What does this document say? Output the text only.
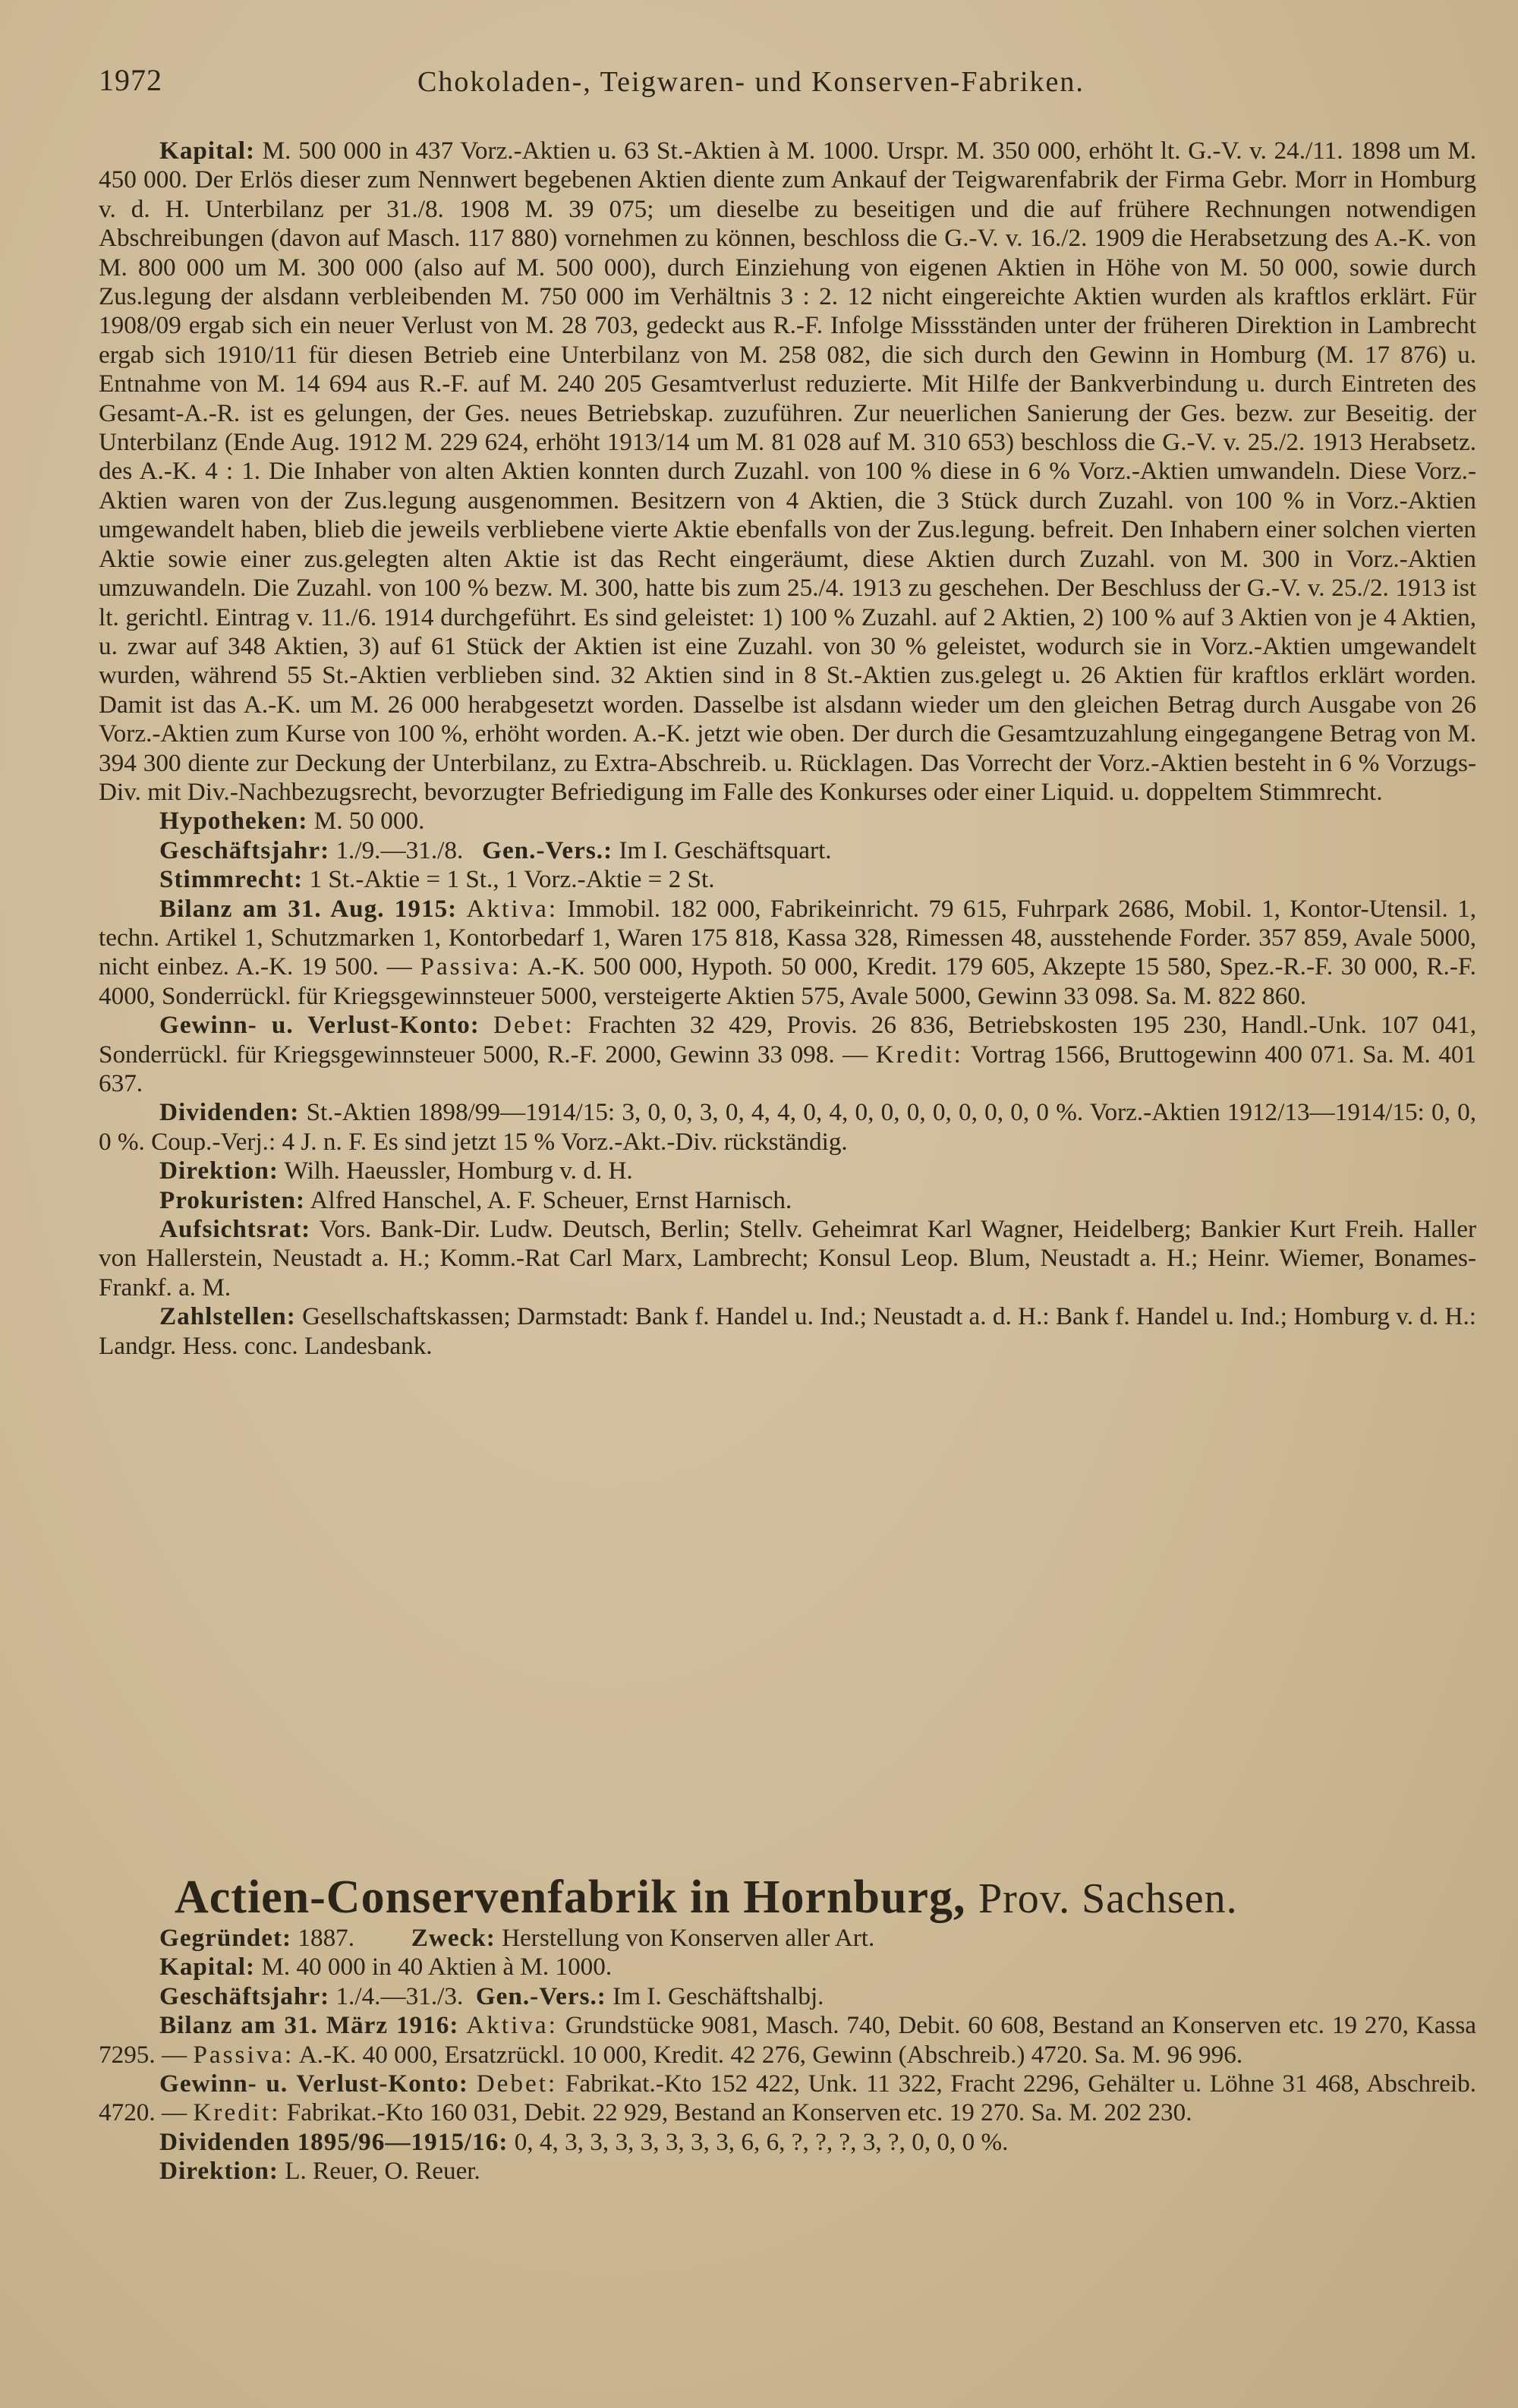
1972	Chokoladen-, Teigwaren- und Konserven-Fabriken.

Kapital: M. 500 000 in 437 Vorz.-Aktien u. 63 St.-Aktien à M. 1000. Urspr. M. 350 000, erhöht lt. G.-V. v. 24./11. 1898 um M. 450 000. Der Erlös dieser zum Nennwert begebenen Aktien diente zum Ankauf der Teigwarenfabrik der Firma Gebr. Morr in Homburg v. d. H. Unterbilanz per 31./8. 1908 M. 39 075; um dieselbe zu beseitigen und die auf frühere Rechnungen notwendigen Abschreibungen (davon auf Masch. 117 880) vornehmen zu können, beschloss die G.-V. v. 16./2. 1909 die Herabsetzung des A.-K. von M. 800 000 um M. 300 000 (also auf M. 500 000), durch Einziehung von eigenen Aktien in Höhe von M. 50 000, sowie durch Zus.legung der alsdann verbleibenden M. 750 000 im Verhältnis 3 : 2. 12 nicht eingereichte Aktien wurden als kraftlos erklärt. Für 1908/09 ergab sich ein neuer Verlust von M. 28 703, gedeckt aus R.-F. Infolge Missständen unter der früheren Direktion in Lambrecht ergab sich 1910/11 für diesen Betrieb eine Unterbilanz von M. 258 082, die sich durch den Gewinn in Homburg (M. 17 876) u. Entnahme von M. 14 694 aus R.-F. auf M. 240 205 Gesamtverlust reduzierte. Mit Hilfe der Bankverbindung u. durch Eintreten des Gesamt-A.-R. ist es gelungen, der Ges. neues Betriebskap. zuzuführen. Zur neuerlichen Sanierung der Ges. bezw. zur Beseitig. der Unterbilanz (Ende Aug. 1912 M. 229 624, erhöht 1913/14 um M. 81 028 auf M. 310 653) beschloss die G.-V. v. 25./2. 1913 Herabsetz. des A.-K. 4 : 1. Die Inhaber von alten Aktien konnten durch Zuzahl. von 100 % diese in 6 % Vorz.-Aktien umwandeln. Diese Vorz.-Aktien waren von der Zus.legung ausgenommen. Besitzern von 4 Aktien, die 3 Stück durch Zuzahl. von 100 % in Vorz.-Aktien umgewandelt haben, blieb die jeweils verbliebene vierte Aktie ebenfalls von der Zus.legung. befreit. Den Inhabern einer solchen vierten Aktie sowie einer zus.gelegten alten Aktie ist das Recht eingeräumt, diese Aktien durch Zuzahl. von M. 300 in Vorz.-Aktien umzuwandeln. Die Zuzahl. von 100 % bezw. M. 300, hatte bis zum 25./4. 1913 zu geschehen. Der Beschluss der G.-V. v. 25./2. 1913 ist lt. gerichtl. Eintrag v. 11./6. 1914 durchgeführt. Es sind geleistet: 1) 100 % Zuzahl. auf 2 Aktien, 2) 100 % auf 3 Aktien von je 4 Aktien, u. zwar auf 348 Aktien, 3) auf 61 Stück der Aktien ist eine Zuzahl. von 30 % geleistet, wodurch sie in Vorz.-Aktien umgewandelt wurden, während 55 St.-Aktien verblieben sind. 32 Aktien sind in 8 St.-Aktien zus.gelegt u. 26 Aktien für kraftlos erklärt worden. Damit ist das A.-K. um M. 26 000 herabgesetzt worden. Dasselbe ist alsdann wieder um den gleichen Betrag durch Ausgabe von 26 Vorz.-Aktien zum Kurse von 100 %, erhöht worden. A.-K. jetzt wie oben. Der durch die Gesamtzuzahlung eingegangene Betrag von M. 394 300 diente zur Deckung der Unterbilanz, zu Extra-Abschreib. u. Rücklagen. Das Vorrecht der Vorz.-Aktien besteht in 6 % Vorzugs-Div. mit Div.-Nachbezugsrecht, bevorzugter Befriedigung im Falle des Konkurses oder einer Liquid. u. doppeltem Stimmrecht.

Hypotheken: M. 50 000.

Geschäftsjahr: 1./9.—31./8. Gen.-Vers.: Im I. Geschäftsquart.

Stimmrecht: 1 St.-Aktie = 1 St., 1 Vorz.-Aktie = 2 St.

Bilanz am 31. Aug. 1915: Aktiva: Immobil. 182 000, Fabrikeinricht. 79 615, Fuhrpark 2686, Mobil. 1, Kontor-Utensil. 1, techn. Artikel 1, Schutzmarken 1, Kontorbedarf 1, Waren 175 818, Kassa 328, Rimessen 48, ausstehende Forder. 357 859, Avale 5000, nicht einbez. A.-K. 19 500. — Passiva: A.-K. 500 000, Hypoth. 50 000, Kredit. 179 605, Akzepte 15 580, Spez.-R.-F. 30 000, R.-F. 4000, Sonderrückl. für Kriegsgewinnsteuer 5000, versteigerte Aktien 575, Avale 5000, Gewinn 33 098. Sa. M. 822 860.

Gewinn- u. Verlust-Konto: Debet: Frachten 32 429, Provis. 26 836, Betriebskosten 195 230, Handl.-Unk. 107 041, Sonderrückl. für Kriegsgewinnsteuer 5000, R.-F. 2000, Gewinn 33 098. — Kredit: Vortrag 1566, Bruttogewinn 400 071. Sa. M. 401 637.

Dividenden: St.-Aktien 1898/99—1914/15: 3, 0, 0, 3, 0, 4, 4, 0, 4, 0, 0, 0, 0, 0, 0, 0, 0 %. Vorz.-Aktien 1912/13—1914/15: 0, 0, 0 %. Coup.-Verj.: 4 J. n. F. Es sind jetzt 15 % Vorz.-Akt.-Div. rückständig.

Direktion: Wilh. Haeussler, Homburg v. d. H.

Prokuristen: Alfred Hanschel, A. F. Scheuer, Ernst Harnisch.

Aufsichtsrat: Vors. Bank-Dir. Ludw. Deutsch, Berlin; Stellv. Geheimrat Karl Wagner, Heidelberg; Bankier Kurt Freih. Haller von Hallerstein, Neustadt a. H.; Komm.-Rat Carl Marx, Lambrecht; Konsul Leop. Blum, Neustadt a. H.; Heinr. Wiemer, Bonames-Frankf. a. M.

Zahlstellen: Gesellschaftskassen; Darmstadt: Bank f. Handel u. Ind.; Neustadt a. d. H.: Bank f. Handel u. Ind.; Homburg v. d. H.: Landgr. Hess. conc. Landesbank.

Actien-Conservenfabrik in Hornburg, Prov. Sachsen.

Gegründet: 1887. Zweck: Herstellung von Konserven aller Art.

Kapital: M. 40 000 in 40 Aktien à M. 1000.

Geschäftsjahr: 1./4.—31./3. Gen.-Vers.: Im I. Geschäftshalbj.

Bilanz am 31. März 1916: Aktiva: Grundstücke 9081, Masch. 740, Debit. 60 608, Bestand an Konserven etc. 19 270, Kassa 7295. — Passiva: A.-K. 40 000, Ersatzrückl. 10 000, Kredit. 42 276, Gewinn (Abschreib.) 4720. Sa. M. 96 996.

Gewinn- u. Verlust-Konto: Debet: Fabrikat.-Kto 152 422, Unk. 11 322, Fracht 2296, Gehälter u. Löhne 31 468, Abschreib. 4720. — Kredit: Fabrikat.-Kto 160 031, Debit. 22 929, Bestand an Konserven etc. 19 270. Sa. M. 202 230.

Dividenden 1895/96—1915/16: 0, 4, 3, 3, 3, 3, 3, 3, 3, 6, 6, ?, ?, ?, 3, ?, 0, 0, 0 %.

Direktion: L. Reuer, O. Reuer.
